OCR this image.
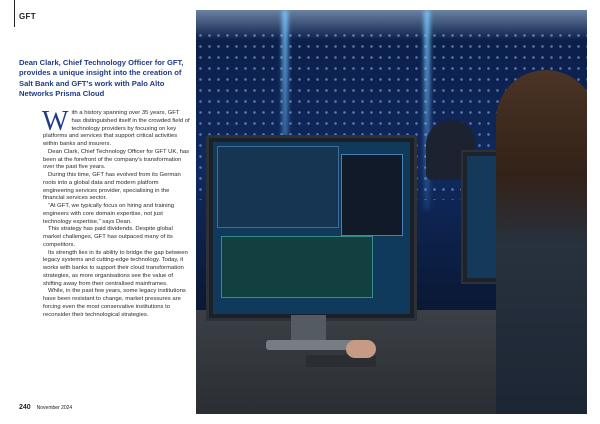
GFT
Dean Clark, Chief Technology Officer for GFT, provides a unique insight into the creation of Salt Bank and GFT’s work with Palo Alto Networks Prisma Cloud

With a history spanning over 35 years, GFT has distinguished itself in the crowded field of technology providers by focusing on key platforms and services that support critical activities within banks and insurers.

Dean Clark, Chief Technology Officer for GFT UK, has been at the forefront of the company’s transformation over the past five years.

During this time, GFT has evolved from its German roots into a global data and modern platform engineering services provider, specialising in the financial services sector.

“At GFT, we typically focus on hiring and training engineers with core domain expertise, not just technology expertise,” says Dean.

This strategy has paid dividends. Despite global market challenges, GFT has outpaced many of its competitors.

Its strength lies in its ability to bridge the gap between legacy systems and cutting-edge technology. Today, it works with banks to support their cloud transformation strategies, as more organisations see the value of shifting away from their centralised mainframes.

While, in the past few years, some legacy institutions have been resistant to change, market pressures are forcing even the most conservative institutions to reconsider their technological strategies.

240 November 2024
